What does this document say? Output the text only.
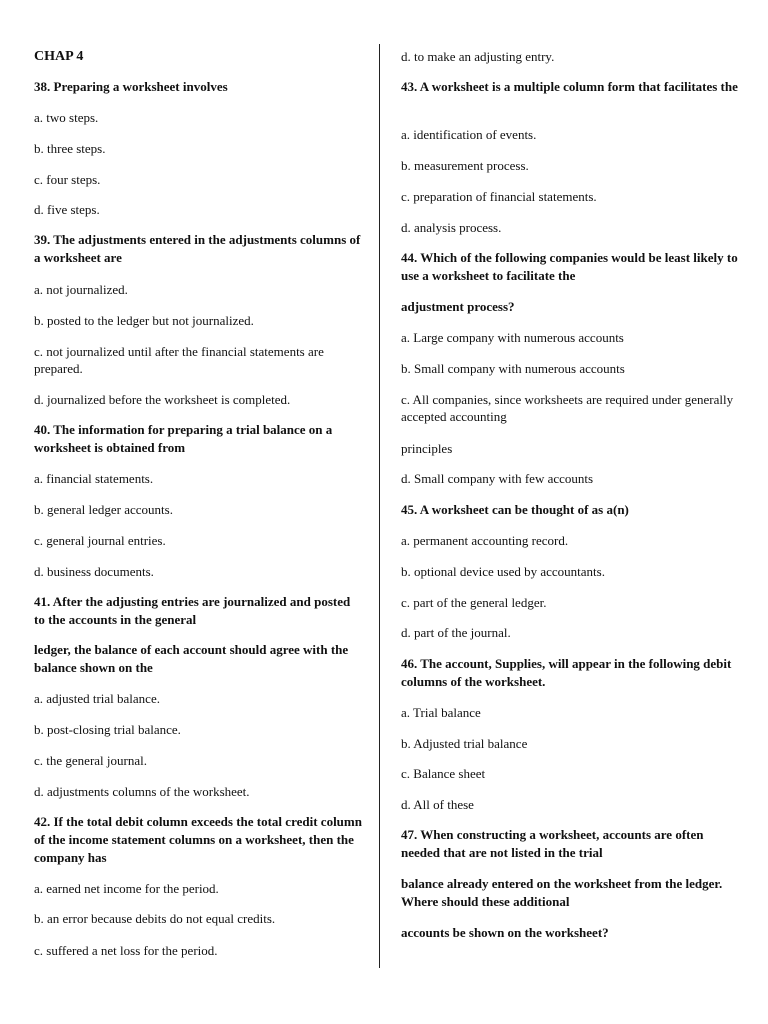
CHAP 4
38. Preparing a worksheet involves
a. two steps.
b. three steps.
c. four steps.
d. five steps.
39. The adjustments entered in the adjustments columns of a worksheet are
a. not journalized.
b. posted to the ledger but not journalized.
c. not journalized until after the financial statements are prepared.
d. journalized before the worksheet is completed.
40. The information for preparing a trial balance on a worksheet is obtained from
a. financial statements.
b. general ledger accounts.
c. general journal entries.
d. business documents.
41. After the adjusting entries are journalized and posted to the accounts in the general
ledger, the balance of each account should agree with the balance shown on the
a. adjusted trial balance.
b. post-closing trial balance.
c. the general journal.
d. adjustments columns of the worksheet.
42. If the total debit column exceeds the total credit column of the income statement columns on a worksheet, then the company has
a. earned net income for the period.
b. an error because debits do not equal credits.
c. suffered a net loss for the period.
d. to make an adjusting entry.
43. A worksheet is a multiple column form that facilitates the
a. identification of events.
b. measurement process.
c. preparation of financial statements.
d. analysis process.
44. Which of the following companies would be least likely to use a worksheet to facilitate the
adjustment process?
a. Large company with numerous accounts
b. Small company with numerous accounts
c. All companies, since worksheets are required under generally accepted accounting
principles
d. Small company with few accounts
45. A worksheet can be thought of as a(n)
a. permanent accounting record.
b. optional device used by accountants.
c. part of the general ledger.
d. part of the journal.
46. The account, Supplies, will appear in the following debit columns of the worksheet.
a. Trial balance
b. Adjusted trial balance
c. Balance sheet
d. All of these
47. When constructing a worksheet, accounts are often needed that are not listed in the trial
balance already entered on the worksheet from the ledger. Where should these additional
accounts be shown on the worksheet?
